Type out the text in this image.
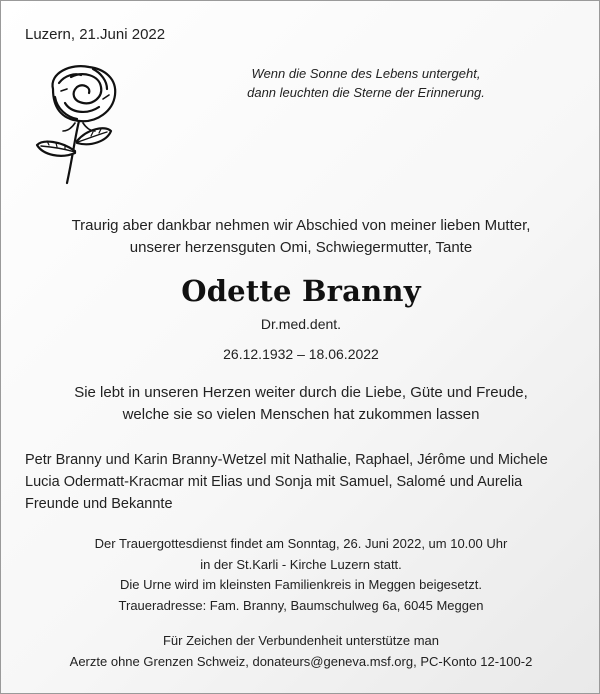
Luzern, 21.Juni 2022
Wenn die Sonne des Lebens untergeht,
dann leuchten die Sterne der Erinnerung.
Traurig aber dankbar nehmen wir Abschied von meiner lieben Mutter,
unserer herzensguten Omi, Schwiegermutter, Tante
Odette Branny
Dr.med.dent.
26.12.1932 – 18.06.2022
Sie lebt in unseren Herzen weiter durch die Liebe, Güte und Freude,
welche sie so vielen Menschen hat zukommen lassen
Petr Branny und Karin Branny-Wetzel mit Nathalie, Raphael, Jérôme und Michele
Lucia Odermatt-Kracmar mit Elias und Sonja mit Samuel, Salomé und Aurelia
Freunde und Bekannte
Der Trauergottesdienst findet am Sonntag, 26. Juni 2022, um 10.00 Uhr
in der St.Karli - Kirche Luzern statt.
Die Urne wird im kleinsten Familienkreis in Meggen beigesetzt.
Traueradresse: Fam. Branny, Baumschulweg 6a, 6045 Meggen
Für Zeichen der Verbundenheit unterstütze man
Aerzte ohne Grenzen Schweiz, donateurs@geneva.msf.org, PC-Konto 12-100-2
